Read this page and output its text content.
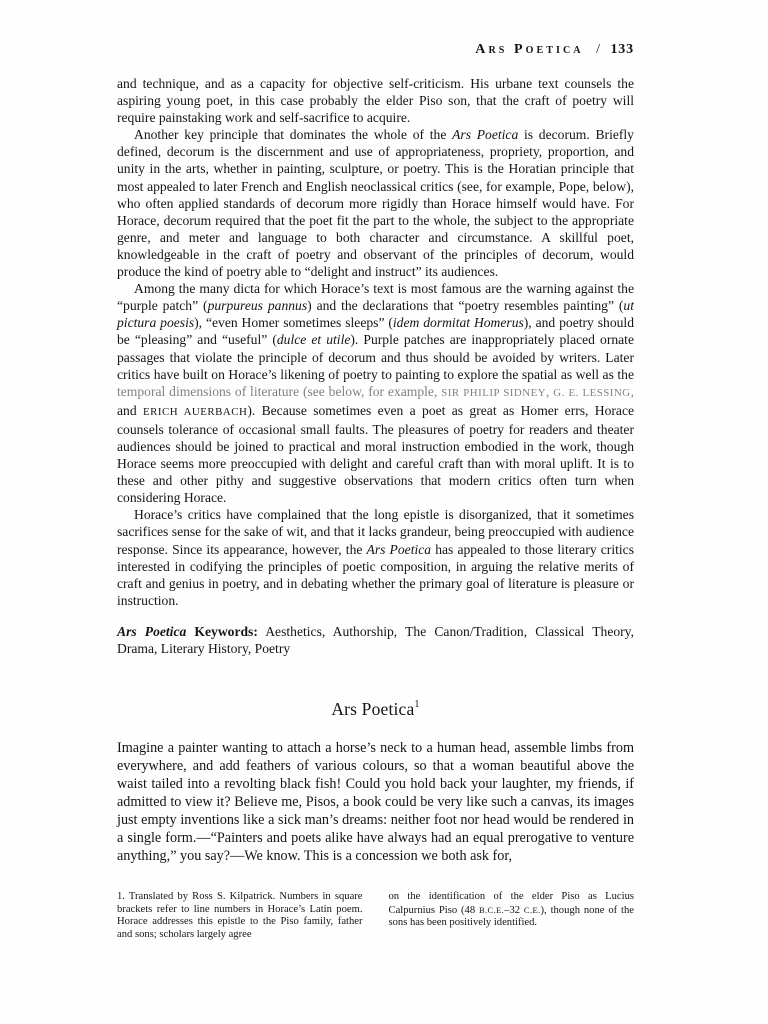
Ars Poetica / 133

and technique, and as a capacity for objective self-criticism. His urbane text counsels the aspiring young poet, in this case probably the elder Piso son, that the craft of poetry will require painstaking work and self-sacrifice to acquire.

Another key principle that dominates the whole of the Ars Poetica is decorum. Briefly defined, decorum is the discernment and use of appropriateness, propriety, proportion, and unity in the arts, whether in painting, sculpture, or poetry. This is the Horatian principle that most appealed to later French and English neoclassical critics (see, for example, Pope, below), who often applied standards of decorum more rigidly than Horace himself would have. For Horace, decorum required that the poet fit the part to the whole, the subject to the appropriate genre, and meter and language to both character and circumstance. A skillful poet, knowledgeable in the craft of poetry and observant of the principles of decorum, would produce the kind of poetry able to “delight and instruct” its audiences.

Among the many dicta for which Horace’s text is most famous are the warning against the “purple patch” (purpureus pannus) and the declarations that “poetry resembles painting” (ut pictura poesis), “even Homer sometimes sleeps” (idem dormitat Homerus), and poetry should be “pleasing” and “useful” (dulce et utile). Purple patches are inappropriately placed ornate passages that violate the principle of decorum and thus should be avoided by writers. Later critics have built on Horace’s likening of poetry to painting to explore the spatial as well as the temporal dimensions of literature (see below, for example, SIR PHILIP SIDNEY, G. E. LESSING, and ERICH AUERBACH). Because sometimes even a poet as great as Homer errs, Horace counsels tolerance of occasional small faults. The pleasures of poetry for readers and theater audiences should be joined to practical and moral instruction embodied in the work, though Horace seems more preoccupied with delight and careful craft than with moral uplift. It is to these and other pithy and suggestive observations that modern critics often turn when considering Horace.

Horace’s critics have complained that the long epistle is disorganized, that it sometimes sacrifices sense for the sake of wit, and that it lacks grandeur, being preoccupied with audience response. Since its appearance, however, the Ars Poetica has appealed to those literary critics interested in codifying the principles of poetic composition, in arguing the relative merits of craft and genius in poetry, and in debating whether the primary goal of literature is pleasure or instruction.

Ars Poetica Keywords: Aesthetics, Authorship, The Canon/Tradition, Classical Theory, Drama, Literary History, Poetry

Ars Poetica$^1$

Imagine a painter wanting to attach a horse’s neck to a human head, assemble limbs from everywhere, and add feathers of various colours, so that a woman beautiful above the waist tailed into a revolting black fish! Could you hold back your laughter, my friends, if admitted to view it? Believe me, Pisos, a book could be very like such a canvas, its images just empty inventions like a sick man’s dreams: neither foot nor head would be rendered in a single form.—“Painters and poets alike have always had an equal prerogative to venture anything,” you say?—We know. This is a concession we both ask for,

1. Translated by Ross S. Kilpatrick. Numbers in square brackets refer to line numbers in Horace’s Latin poem. Horace addresses this epistle to the Piso family, father and sons; scholars largely agree
on the identification of the elder Piso as Lucius Calpurnius Piso (48 B.C.E.–32 C.E.), though none of the sons has been positively identified.
